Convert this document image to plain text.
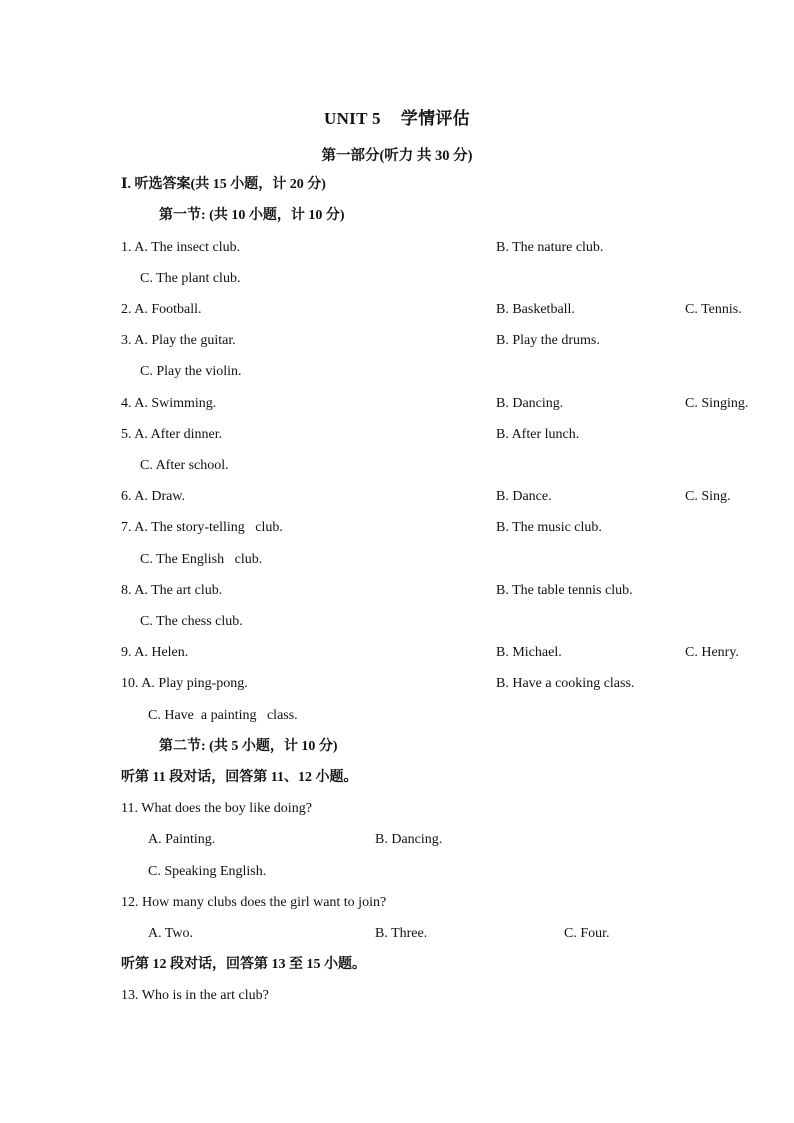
UNIT 5 学情评估
第一部分(听力 共 30 分)
Ⅰ. 听选答案(共 15 小题，计 20 分)
第一节: (共 10 小题，计 10 分)
1. A. The insect club.	B. The nature club.
C. The plant club.
2. A. Football.	B. Basketball.	C. Tennis.
3. A. Play the guitar.	B. Play the drums.
C. Play the violin.
4. A. Swimming.	B. Dancing.	C. Singing.
5. A. After dinner.	B. After lunch.
C. After school.
6. A. Draw.	B. Dance.	C. Sing.
7. A. The story-telling   club.	B. The music club.
C. The English   club.
8. A. The art club.	B. The table tennis club.
C. The chess club.
9. A. Helen.	B. Michael.	C. Henry.
10. A. Play ping-pong.	B. Have a cooking class.
C. Have  a painting   class.
第二节: (共 5 小题，计 10 分)
听第 11 段对话，回答第 11、12 小题。
11. What does the boy like doing?
A. Painting.	B. Dancing.
C. Speaking English.
12. How many clubs does the girl want to join?
A. Two.	B. Three.	C. Four.
听第 12 段对话，回答第 13 至 15 小题。
13. Who is in the art club?
